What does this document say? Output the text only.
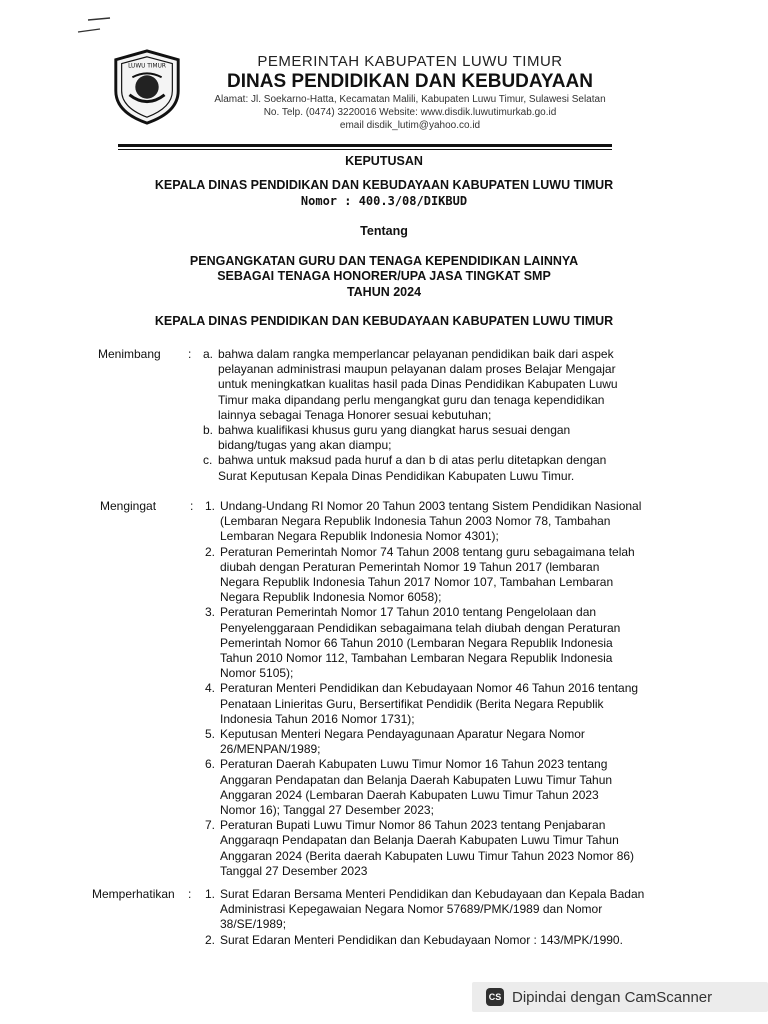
LUWU TIMUR	PEMERINTAH KABUPATEN LUWU TIMUR

DINAS PENDIDIKAN DAN KEBUDAYAAN

Alamat: Jl. Soekarno-Hatta, Kecamatan Malili, Kabupaten Luwu Timur, Sulawesi Selatan

No. Telp. (0474) 3220016 Website: www.disdik.luwutimurkab.go.id

email disdik_lutim@yahoo.co.id

KEPUTUSAN
KEPALA DINAS PENDIDIKAN DAN KEBUDAYAAN KABUPATEN LUWU TIMUR
Nomor : 400.3/08/DIKBUD
Tentang
PENGANGKATAN GURU DAN TENAGA KEPENDIDIKAN LAINNYA
SEBAGAI TENAGA HONORER/UPA JASA TINGKAT SMP
TAHUN 2024
KEPALA DINAS PENDIDIKAN DAN KEBUDAYAAN KABUPATEN LUWU TIMUR
Menimbang : a. bahwa dalam rangka memperlancar pelayanan pendidikan baik dari aspek
pelayanan administrasi maupun pelayanan dalam proses Belajar Mengajar
untuk meningkatkan kualitas hasil pada Dinas Pendidikan Kabupaten Luwu
Timur maka dipandang perlu mengangkat guru dan tenaga kependidikan
lainnya sebagai Tenaga Honorer sesuai kebutuhan;
b. bahwa kualifikasi khusus guru yang diangkat harus sesuai dengan
bidang/tugas yang akan diampu;
c. bahwa untuk maksud pada huruf a dan b di atas perlu ditetapkan dengan
Surat Keputusan Kepala Dinas Pendidikan Kabupaten Luwu Timur.
Mengingat	: 1. Undang-Undang RI Nomor 20 Tahun 2003 tentang Sistem Pendidikan Nasional
(Lembaran Negara Republik Indonesia Tahun 2003 Nomor 78, Tambahan
Lembaran Negara Republik Indonesia Nomor 4301);
2. Peraturan Pemerintah Nomor 74 Tahun 2008 tentang guru sebagaimana telah
diubah dengan Peraturan Pemerintah Nomor 19 Tahun 2017 (lembaran
Negara Republik Indonesia Tahun 2017 Nomor 107, Tambahan Lembaran
Negara Republik Indonesia Nomor 6058);
3. Peraturan Pemerintah Nomor 17 Tahun 2010 tentang Pengelolaan dan
Penyelenggaraan Pendidikan sebagaimana telah diubah dengan Peraturan
Pemerintah Nomor 66 Tahun 2010 (Lembaran Negara Republik Indonesia
Tahun 2010 Nomor 112, Tambahan Lembaran Negara Republik Indonesia
Nomor 5105);
4. Peraturan Menteri Pendidikan dan Kebudayaan Nomor 46 Tahun 2016 tentang
Penataan Linieritas Guru, Bersertifikat Pendidik (Berita Negara Republik
Indonesia Tahun 2016 Nomor 1731);
5. Keputusan Menteri Negara Pendayagunaan Aparatur Negara Nomor
26/MENPAN/1989;
6. Peraturan Daerah Kabupaten Luwu Timur Nomor 16 Tahun 2023 tentang
Anggaran Pendapatan dan Belanja Daerah Kabupaten Luwu Timur Tahun
Anggaran 2024 (Lembaran Daerah Kabupaten Luwu Timur Tahun 2023
Nomor 16); Tanggal 27 Desember 2023;
7. Peraturan Bupati Luwu Timur Nomor 86 Tahun 2023 tentang Penjabaran
Anggaraqn Pendapatan dan Belanja Daerah Kabupaten Luwu Timur Tahun
Anggaran 2024 (Berita daerah Kabupaten Luwu Timur Tahun 2023 Nomor 86)
Tanggal 27 Desember 2023
Memperhatikan : 1. Surat Edaran Bersama Menteri Pendidikan dan Kebudayaan dan Kepala Badan
Administrasi Kepegawaian Negara Nomor 57689/PMK/1989 dan Nomor
38/SE/1989;
2. Surat Edaran Menteri Pendidikan dan Kebudayaan Nomor : 143/MPK/1990.
CS Dipindai dengan CamScanner
